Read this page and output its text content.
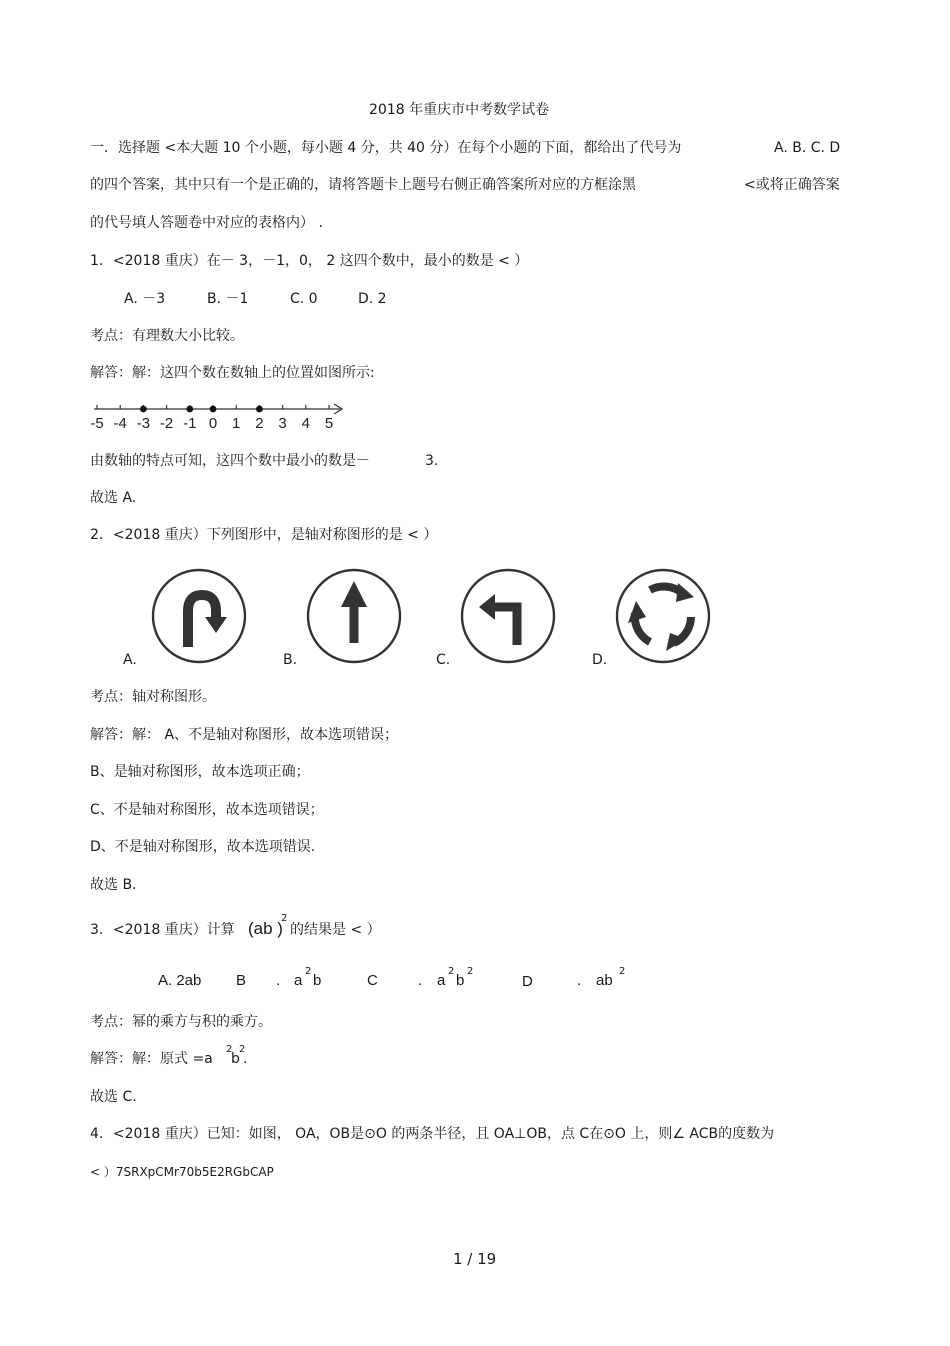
2018 年重庆市中考数学试卷
一．选择题 <本大题 10 个小题，每小题 4 分，共 40 分）在每个小题的下面，都给出了代号为	A. B. C. D
的四个答案，其中只有一个是正确的，请将答题卡上题号右侧正确答案所对应的方框涂黑	<或将正确答案
的代号填人答题卷中对应的表格内） .
1．<2018 重庆）在－ 3，－1，0， 2 这四个数中，最小的数是 < ）
A. －3	B. －1	C. 0	D. 2
考点：有理数大小比较。
解答：解：这四个数在数轴上的位置如图所示:
-5 -4 -3 -2 -1 0 1 2 3 4 5
由数轴的特点可知，这四个数中最小的数是－	3.
故选 A.
2．<2018 重庆）下列图形中，是轴对称图形的是 < ）
A.	B.	C.	D.
考点：轴对称图形。
解答：解： A、不是轴对称图形，故本选项错误；
B、是轴对称图形，故本选项正确；
C、不是轴对称图形，故本选项错误；
D、不是轴对称图形，故本选项错误.
故选 B.
3．<2018 重庆）计算 (ab )
2
的结果是 < ）
A. 2ab B . a
2
b	C	. a
2
b
2
D	. ab
2
考点：幂的乘方与积的乘方。
解答：解：原式 =a
2
b
2
.
故选 C.
4．<2018 重庆）已知：如图， OA，OB是⊙O 的两条半径，且 OA⊥OB，点 C在⊙O 上，则∠ ACB的度数为
< ）7SRXpCMr70b5E2RGbCAP
1 / 19
